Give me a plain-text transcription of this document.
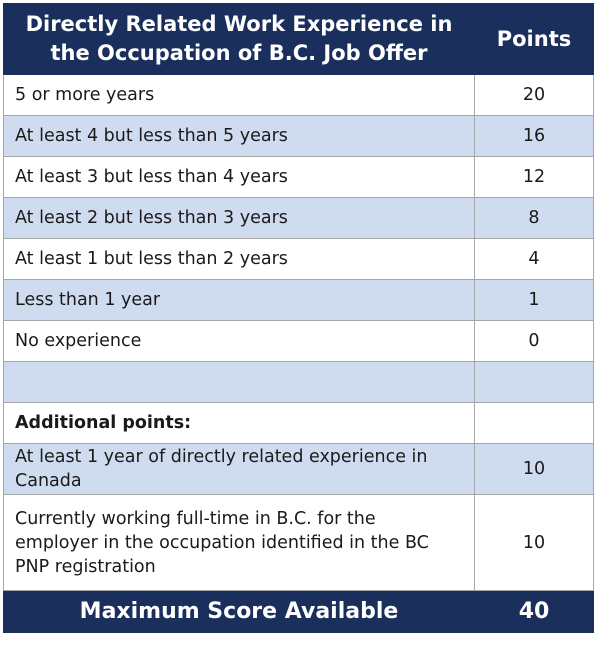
Directly Related Work Experience in the Occupation of B.C. Job Offer	Points
5 or more years	20
At least 4 but less than 5 years	16
At least 3 but less than 4 years	12
At least 2 but less than 3 years	8
At least 1 but less than 2 years	4
Less than 1 year	1
No experience	0

Additional points:	
At least 1 year of directly related experience in Canada	10
Currently working full-time in B.C. for the employer in the occupation identified in the BC PNP registration	10
Maximum Score Available	40
